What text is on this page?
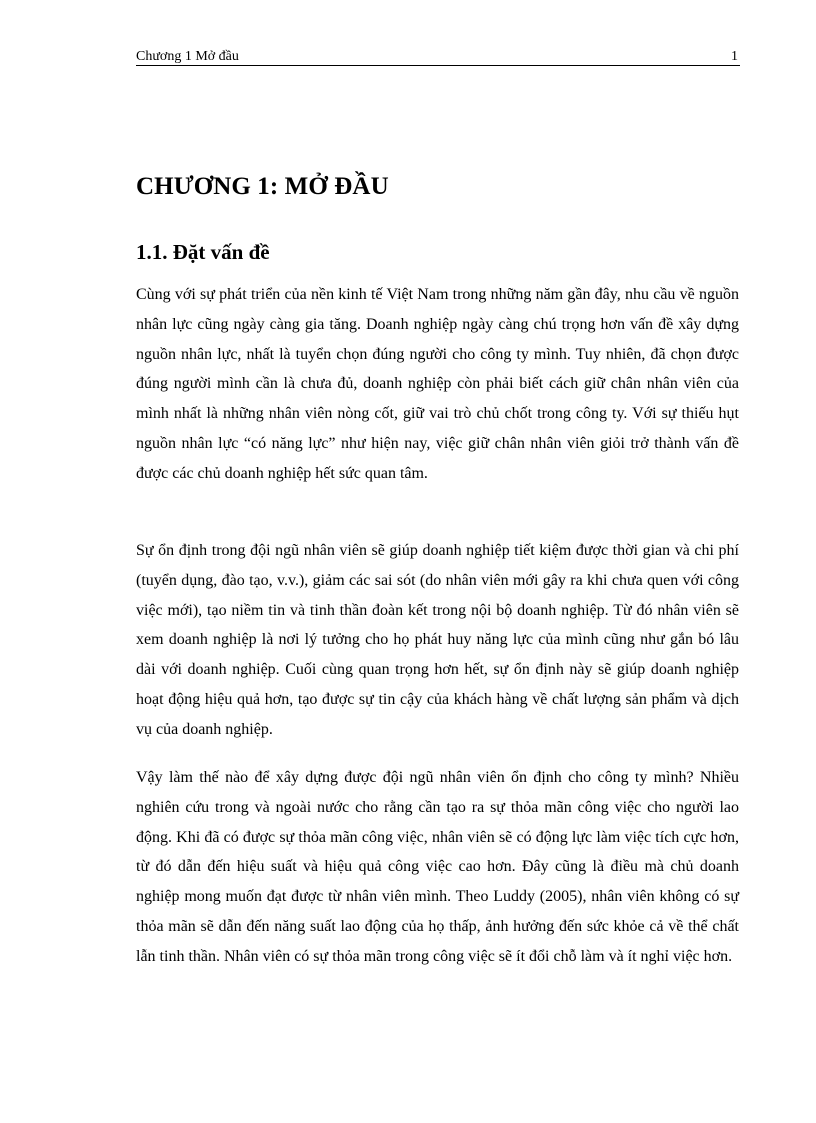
Chương 1 Mở đầu	1
CHƯƠNG 1: MỞ ĐẦU
1.1. Đặt vấn đề

Cùng với sự phát triển của nền kinh tế Việt Nam trong những năm gần đây, nhu cầu về nguồn nhân lực cũng ngày càng gia tăng. Doanh nghiệp ngày càng chú trọng hơn vấn đề xây dựng nguồn nhân lực, nhất là tuyển chọn đúng người cho công ty mình. Tuy nhiên, đã chọn được đúng người mình cần là chưa đủ, doanh nghiệp còn phải biết cách giữ chân nhân viên của mình nhất là những nhân viên nòng cốt, giữ vai trò chủ chốt trong công ty. Với sự thiếu hụt nguồn nhân lực “có năng lực” như hiện nay, việc giữ chân nhân viên giỏi trở thành vấn đề được các chủ doanh nghiệp hết sức quan tâm.

Sự ổn định trong đội ngũ nhân viên sẽ giúp doanh nghiệp tiết kiệm được thời gian và chi phí (tuyển dụng, đào tạo, v.v.), giảm các sai sót (do nhân viên mới gây ra khi chưa quen với công việc mới), tạo niềm tin và tinh thần đoàn kết trong nội bộ doanh nghiệp. Từ đó nhân viên sẽ xem doanh nghiệp là nơi lý tưởng cho họ phát huy năng lực của mình cũng như gắn bó lâu dài với doanh nghiệp. Cuối cùng quan trọng hơn hết, sự ổn định này sẽ giúp doanh nghiệp hoạt động hiệu quả hơn, tạo được sự tin cậy của khách hàng về chất lượng sản phẩm và dịch vụ của doanh nghiệp.

Vậy làm thế nào để xây dựng được đội ngũ nhân viên ổn định cho công ty mình? Nhiều nghiên cứu trong và ngoài nước cho rằng cần tạo ra sự thỏa mãn công việc cho người lao động. Khi đã có được sự thỏa mãn công việc, nhân viên sẽ có động lực làm việc tích cực hơn, từ đó dẫn đến hiệu suất và hiệu quả công việc cao hơn. Đây cũng là điều mà chủ doanh nghiệp mong muốn đạt được từ nhân viên mình. Theo Luddy (2005), nhân viên không có sự thỏa mãn sẽ dẫn đến năng suất lao động của họ thấp, ảnh hưởng đến sức khỏe cả về thể chất lẫn tinh thần. Nhân viên có sự thỏa mãn trong công việc sẽ ít đổi chỗ làm và ít nghỉ việc hơn.
